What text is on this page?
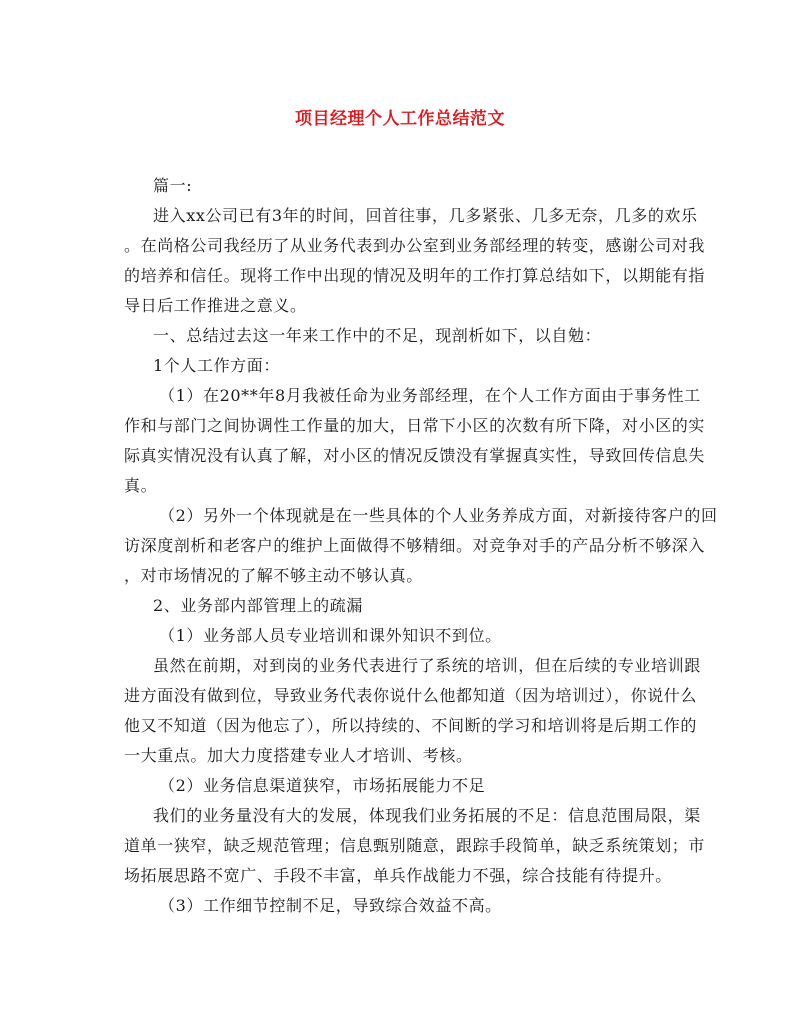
项目经理个人工作总结范文
篇一:
进入xx公司已有3年的时间，回首往事，几多紧张、几多无奈，几多的欢乐
。在尚格公司我经历了从业务代表到办公室到业务部经理的转变，感谢公司对我
的培养和信任。现将工作中出现的情况及明年的工作打算总结如下，以期能有指
导日后工作推进之意义。
一、总结过去这一年来工作中的不足，现剖析如下，以自勉：
1个人工作方面：
（1）在20**年8月我被任命为业务部经理，在个人工作方面由于事务性工
作和与部门之间协调性工作量的加大，日常下小区的次数有所下降，对小区的实
际真实情况没有认真了解，对小区的情况反馈没有掌握真实性，导致回传信息失
真。
（2）另外一个体现就是在一些具体的个人业务养成方面，对新接待客户的回
访深度剖析和老客户的维护上面做得不够精细。对竞争对手的产品分析不够深入
，对市场情况的了解不够主动不够认真。
2、业务部内部管理上的疏漏
（1）业务部人员专业培训和课外知识不到位。
虽然在前期，对到岗的业务代表进行了系统的培训，但在后续的专业培训跟
进方面没有做到位，导致业务代表你说什么他都知道（因为培训过），你说什么
他又不知道（因为他忘了），所以持续的、不间断的学习和培训将是后期工作的
一大重点。加大力度搭建专业人才培训、考核。
（2）业务信息渠道狭窄，市场拓展能力不足
我们的业务量没有大的发展，体现我们业务拓展的不足：信息范围局限，渠
道单一狭窄，缺乏规范管理；信息甄别随意，跟踪手段简单，缺乏系统策划；市
场拓展思路不宽广、手段不丰富，单兵作战能力不强，综合技能有待提升。
（3）工作细节控制不足，导致综合效益不高。
